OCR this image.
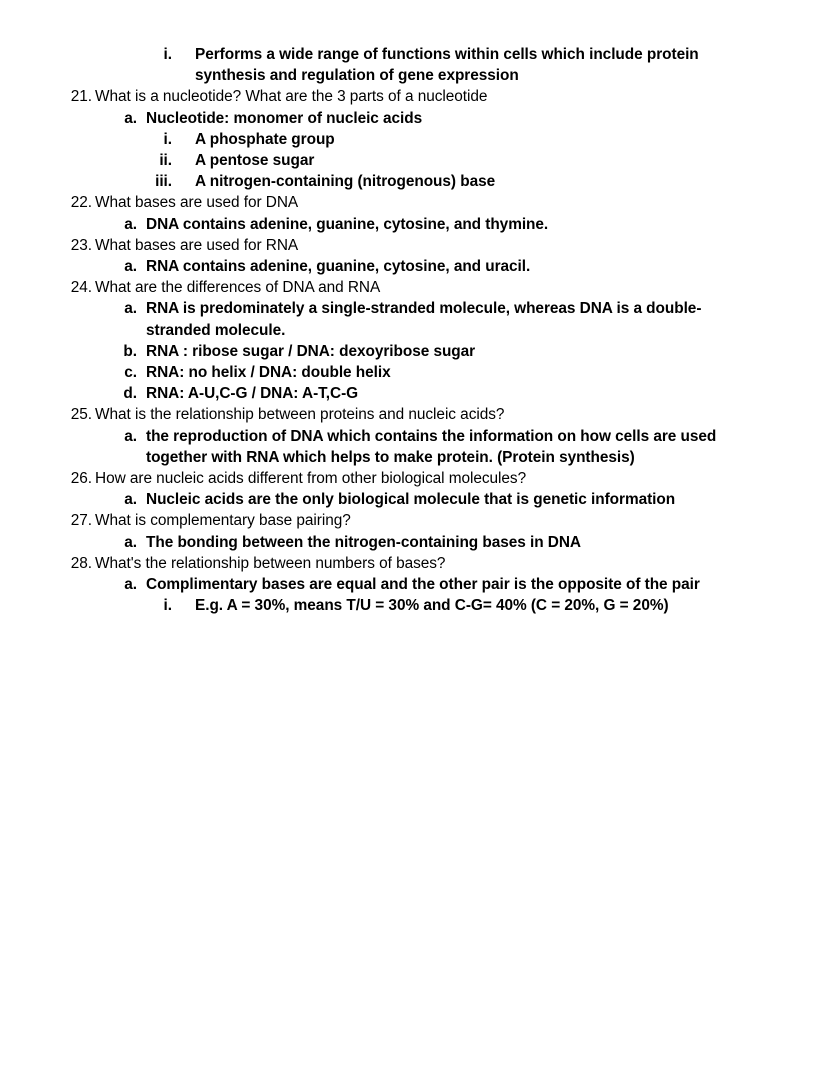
i. Performs a wide range of functions within cells which include protein synthesis and regulation of gene expression
21. What is a nucleotide? What are the 3 parts of a nucleotide
a. Nucleotide: monomer of nucleic acids
i. A phosphate group
ii. A pentose sugar
iii. A nitrogen-containing (nitrogenous) base
22. What bases are used for DNA
a. DNA contains adenine, guanine, cytosine, and thymine.
23. What bases are used for RNA
a. RNA contains adenine, guanine, cytosine, and uracil.
24. What are the differences of DNA and RNA
a. RNA is predominately a single-stranded molecule, whereas DNA is a double-stranded molecule.
b. RNA : ribose sugar / DNA: dexoyribose sugar
c. RNA: no helix / DNA: double helix
d. RNA: A-U,C-G / DNA: A-T,C-G
25. What is the relationship between proteins and nucleic acids?
a. the reproduction of DNA which contains the information on how cells are used together with RNA which helps to make protein. (Protein synthesis)
26. How are nucleic acids different from other biological molecules?
a. Nucleic acids are the only biological molecule that is genetic information
27. What is complementary base pairing?
a. The bonding between the nitrogen-containing bases in DNA
28. What's the relationship between numbers of bases?
a. Complimentary bases are equal and the other pair is the opposite of the pair
i. E.g. A = 30%, means T/U = 30% and C-G= 40% (C = 20%, G = 20%)
